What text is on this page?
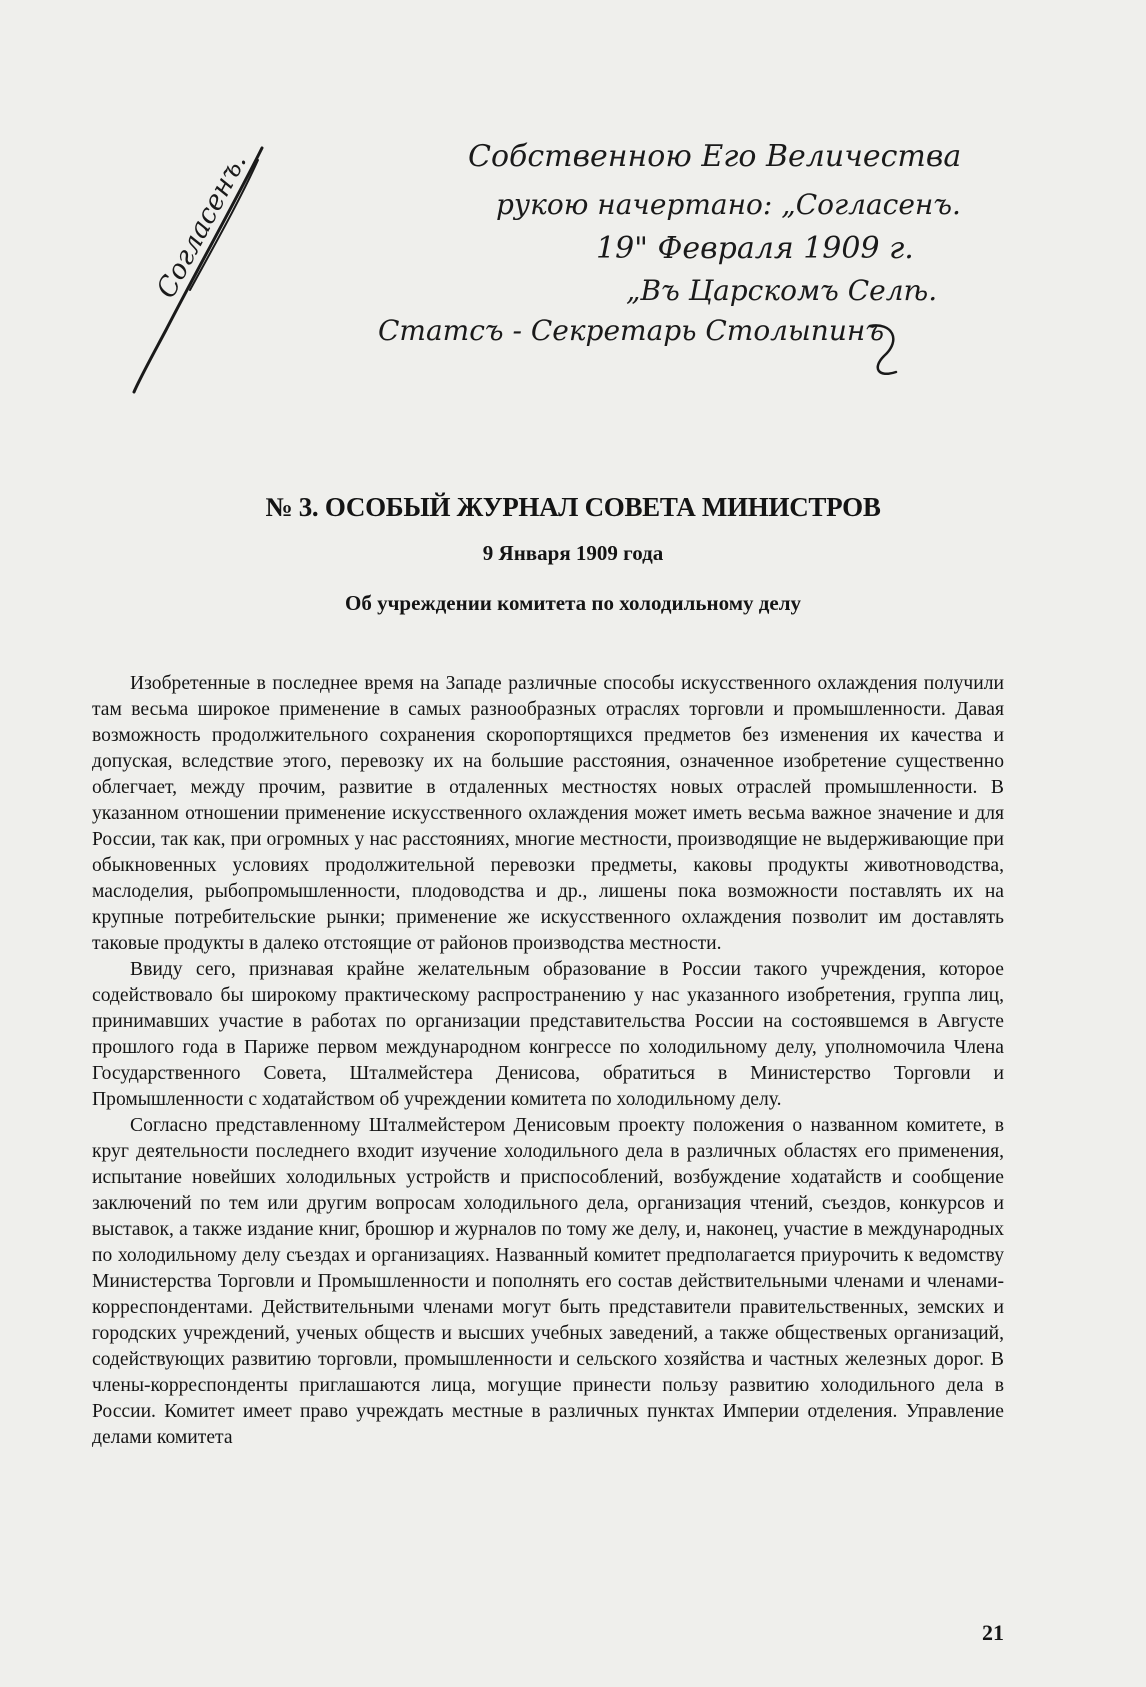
Согласенъ.	Собственною Его Величества
рукою начертано: „Согласенъ.
19" Февраля 1909 г.
„Въ Царскомъ Селѣ.
Статсъ - Секретарь Столыпинъ
№ 3. ОСОБЫЙ ЖУРНАЛ СОВЕТА МИНИСТРОВ
9 Января 1909 года
Об учреждении комитета по холодильному делу

Изобретенные в последнее время на Западе различные способы искусственного охлаждения получили там весьма широкое применение в самых разнообразных отраслях торговли и промышленности. Давая возможность продолжительного сохранения скоропортящихся предметов без изменения их качества и допуская, вследствие этого, перевозку их на большие расстояния, означенное изобретение существенно облегчает, между прочим, развитие в отдаленных местностях новых отраслей промышленности. В указанном отношении применение искусственного охлаждения может иметь весьма важное значение и для России, так как, при огромных у нас расстояниях, многие местности, производящие не выдерживающие при обыкновенных условиях продолжительной перевозки предметы, каковы продукты животноводства, маслоделия, рыбопромышленности, плодоводства и др., лишены пока возможности поставлять их на крупные потребительские рынки; применение же искусственного охлаждения позволит им доставлять таковые продукты в далеко отстоящие от районов производства местности.

Ввиду сего, признавая крайне желательным образование в России такого учреждения, которое содействовало бы широкому практическому распространению у нас указанного изобретения, группа лиц, принимавших участие в работах по организации представительства России на состоявшемся в Августе прошлого года в Париже первом международном конгрессе по холодильному делу, уполномочила Члена Государственного Совета, Шталмейстера Денисова, обратиться в Министерство Торговли и Промышленности с ходатайством об учреждении комитета по холодильному делу.

Согласно представленному Шталмейстером Денисовым проекту положения о названном комитете, в круг деятельности последнего входит изучение холодильного дела в различных областях его применения, испытание новейших холодильных устройств и приспособлений, возбуждение ходатайств и сообщение заключений по тем или другим вопросам холодильного дела, организация чтений, съездов, конкурсов и выставок, а также издание книг, брошюр и журналов по тому же делу, и, наконец, участие в международных по холодильному делу съездах и организациях. Названный комитет предполагается приурочить к ведомству Министерства Торговли и Промышленности и пополнять его состав действительными членами и членами-корреспондентами. Действительными членами могут быть представители правительственных, земских и городских учреждений, ученых обществ и высших учебных заведений, а также общественых организаций, содействующих развитию торговли, промышленности и сельского хозяйства и частных железных дорог. В члены-корреспонденты приглашаются лица, могущие принести пользу развитию холодильного дела в России. Комитет имеет право учреждать местные в различных пунктах Империи отделения. Управление делами комитета

21
